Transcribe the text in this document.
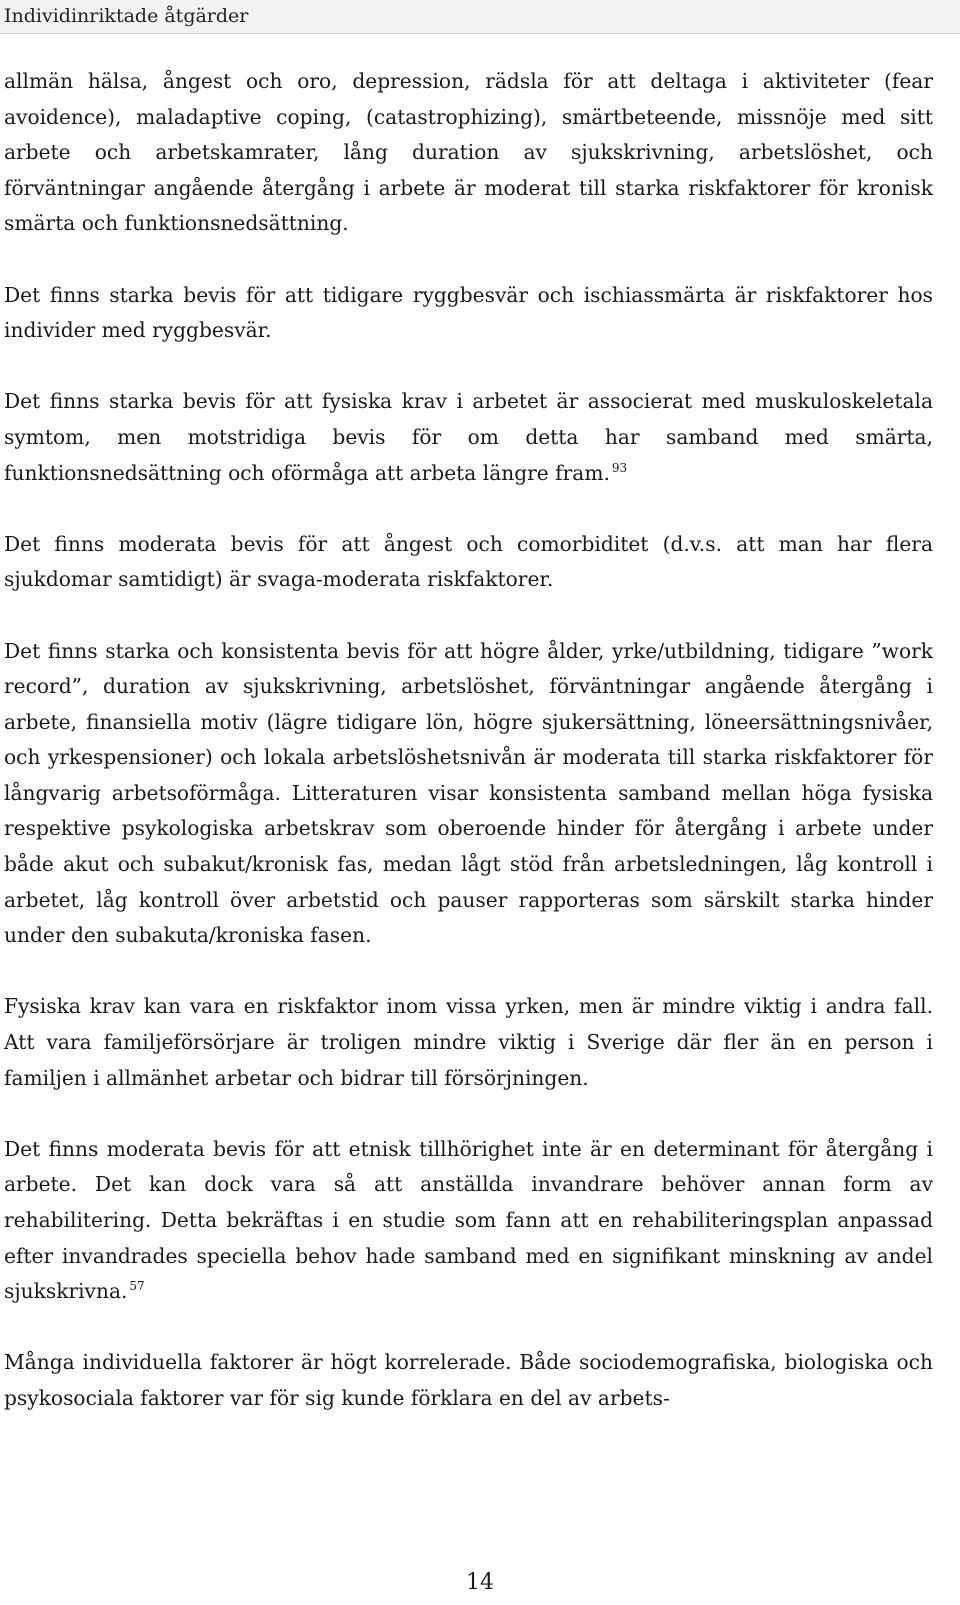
Individinriktade åtgärder

allmän hälsa, ångest och oro, depression, rädsla för att deltaga i aktiviteter (fear avoidence), maladaptive coping, (catastrophizing), smärtbeteende, missnöje med sitt arbete och arbetskamrater, lång duration av sjukskrivning, arbetslöshet, och förväntningar angående återgång i arbete är moderat till starka riskfaktorer för kronisk smärta och funktionsnedsättning.

Det finns starka bevis för att tidigare ryggbesvär och ischiassmärta är riskfaktorer hos individer med ryggbesvär.

Det finns starka bevis för att fysiska krav i arbetet är associerat med muskuloskeletala symtom, men motstridiga bevis för om detta har samband med smärta, funktionsnedsättning och oförmåga att arbeta längre fram. $^{93}$

Det finns moderata bevis för att ångest och comorbiditet (d.v.s. att man har flera sjukdomar samtidigt) är svaga-moderata riskfaktorer.

Det finns starka och konsistenta bevis för att högre ålder, yrke/utbildning, tidigare ”work record”, duration av sjukskrivning, arbetslöshet, förväntningar angående återgång i arbete, finansiella motiv (lägre tidigare lön, högre sjukersättning, löneersättningsnivåer, och yrkespensioner) och lokala arbetslöshetsnivån är moderata till starka riskfaktorer för långvarig arbetsoförmåga. Litteraturen visar konsistenta samband mellan höga fysiska respektive psykologiska arbetskrav som oberoende hinder för återgång i arbete under både akut och subakut/kronisk fas, medan lågt stöd från arbetsledningen, låg kontroll i arbetet, låg kontroll över arbetstid och pauser rapporteras som särskilt starka hinder under den subakuta/kroniska fasen.

Fysiska krav kan vara en riskfaktor inom vissa yrken, men är mindre viktig i andra fall. Att vara familjeförsörjare är troligen mindre viktig i Sverige där fler än en person i familjen i allmänhet arbetar och bidrar till försörjningen.

Det finns moderata bevis för att etnisk tillhörighet inte är en determinant för återgång i arbete. Det kan dock vara så att anställda invandrare behöver annan form av rehabilitering. Detta bekräftas i en studie som fann att en rehabiliteringsplan anpassad efter invandrades speciella behov hade samband med en signifikant minskning av andel sjukskrivna. $^{57}$

Många individuella faktorer är högt korrelerade. Både sociodemografiska, biologiska och psykosociala faktorer var för sig kunde förklara en del av arbets-

14
